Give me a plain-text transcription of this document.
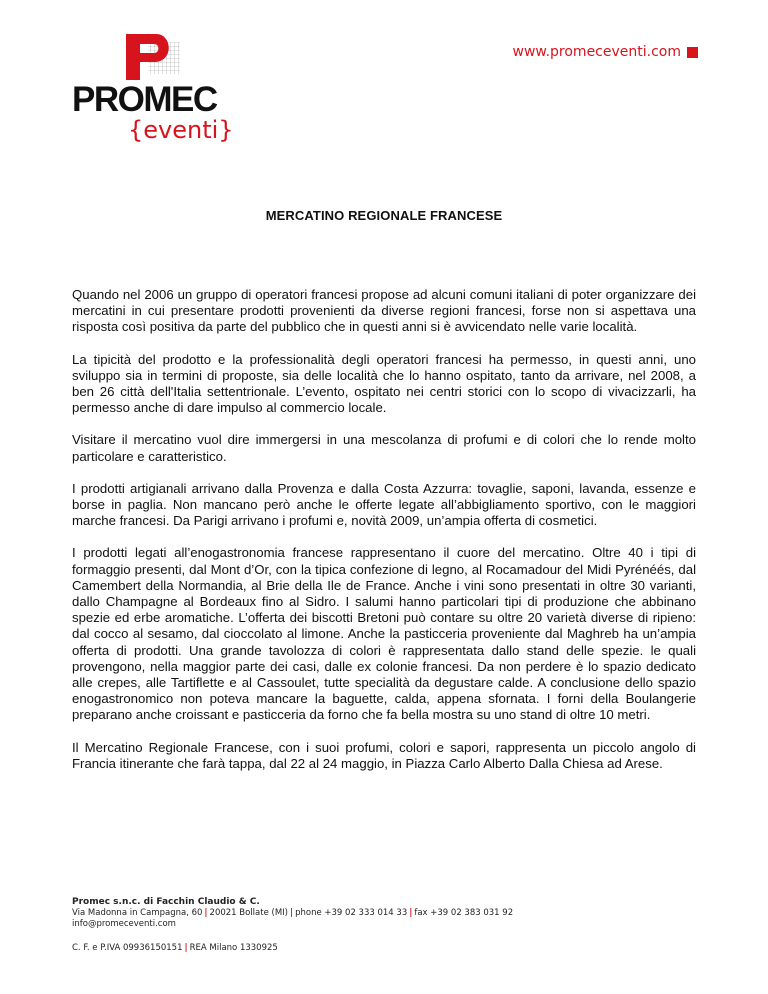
PROMEC
{eventi}
www.promeceventi.com
MERCATINO REGIONALE FRANCESE

Quando nel 2006 un gruppo di operatori francesi propose ad alcuni comuni italiani di poter organizzare dei mercatini in cui presentare prodotti provenienti da diverse regioni francesi, forse non si aspettava una risposta così positiva da parte del pubblico che in questi anni si è avvicendato nelle varie località.

La tipicità del prodotto e la professionalità degli operatori francesi ha permesso, in questi anni, uno sviluppo sia in termini di proposte, sia delle località che lo hanno ospitato, tanto da arrivare, nel 2008, a ben 26 città dell'Italia settentrionale. L’evento, ospitato nei centri storici con lo scopo di vivacizzarli, ha permesso anche di dare impulso al commercio locale.

Visitare il mercatino vuol dire immergersi in una mescolanza di profumi e di colori che lo rende molto particolare e caratteristico.

I prodotti artigianali arrivano dalla Provenza e dalla Costa Azzurra: tovaglie, saponi, lavanda, essenze e borse in paglia. Non mancano però anche le offerte legate all’abbigliamento sportivo, con le maggiori marche francesi. Da Parigi arrivano i profumi e, novità 2009, un’ampia offerta di cosmetici.

I prodotti legati all’enogastronomia francese rappresentano il cuore del mercatino. Oltre 40 i tipi di formaggio presenti, dal Mont d’Or, con la tipica confezione di legno, al Rocamadour del Midi Pyrénéés, dal Camembert della Normandia, al Brie della Ile de France. Anche i vini sono presentati in oltre 30 varianti, dallo Champagne al Bordeaux fino al Sidro. I salumi hanno particolari tipi di produzione che abbinano spezie ed erbe aromatiche. L’offerta dei biscotti Bretoni può contare su oltre 20 varietà diverse di ripieno: dal cocco al sesamo, dal cioccolato al limone. Anche la pasticceria proveniente dal Maghreb ha un’ampia offerta di prodotti. Una grande tavolozza di colori è rappresentata dallo stand delle spezie. le quali provengono, nella maggior parte dei casi, dalle ex colonie francesi. Da non perdere è lo spazio dedicato alle crepes, alle Tartiflette e al Cassoulet, tutte specialità da degustare calde. A conclusione dello spazio enogastronomico non poteva mancare la baguette, calda, appena sfornata. I forni della Boulangerie preparano anche croissant e pasticceria da forno che fa bella mostra su uno stand di oltre 10 metri.

Il Mercatino Regionale Francese, con i suoi profumi, colori e sapori, rappresenta un piccolo angolo di Francia itinerante che farà tappa, dal 22 al 24 maggio, in Piazza Carlo Alberto Dalla Chiesa ad Arese.

Promec s.n.c. di Facchin Claudio & C.
Via Madonna in Campagna, 60 | 20021 Bollate (MI) | phone +39 02 333 014 33 | fax +39 02 383 031 92
info@promeceventi.com
C. F. e P.IVA 09936150151 | REA Milano 1330925
